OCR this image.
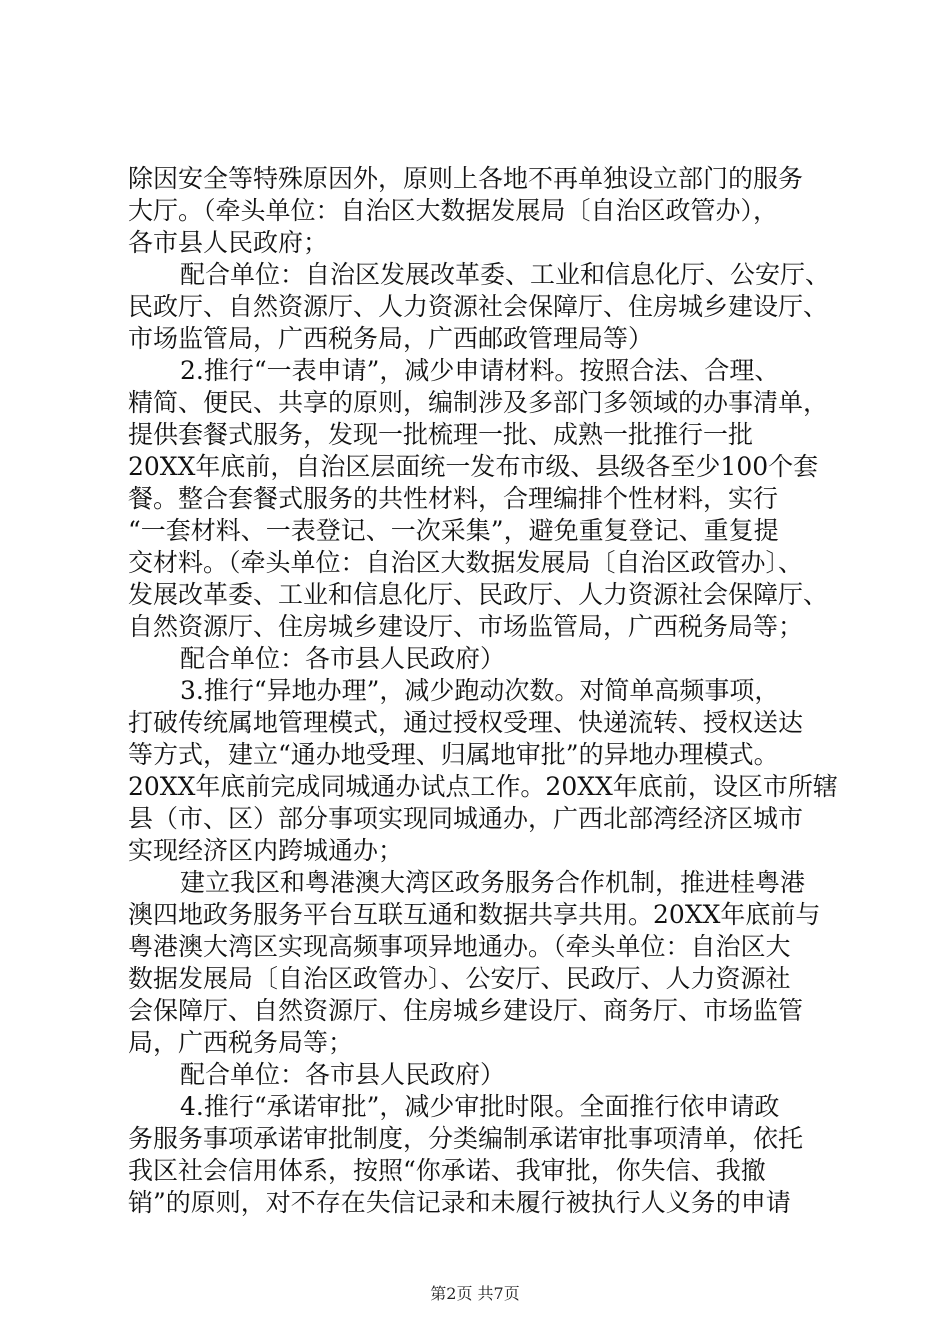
除因安全等特殊原因外，原则上各地不再单独设立部门的服务
大厅。（牵头单位：自治区大数据发展局〔自治区政管办），
各市县人民政府；
配合单位：自治区发展改革委、工业和信息化厅、公安厅、
民政厅、自然资源厅、人力资源社会保障厅、住房城乡建设厅、
市场监管局，广西税务局，广西邮政管理局等）
2.推行“一表申请”，减少申请材料。按照合法、合理、
精简、便民、共享的原则，编制涉及多部门多领域的办事清单，
提供套餐式服务，发现一批梳理一批、成熟一批推行一批
20XX年底前，自治区层面统一发布市级、县级各至少100个套
餐。整合套餐式服务的共性材料，合理编排个性材料，实行
“一套材料、一表登记、一次采集”，避免重复登记、重复提
交材料。（牵头单位：自治区大数据发展局〔自治区政管办〕、
发展改革委、工业和信息化厅、民政厅、人力资源社会保障厅、
自然资源厅、住房城乡建设厅、市场监管局，广西税务局等；
配合单位：各市县人民政府）
3.推行“异地办理”，减少跑动次数。对简单高频事项，
打破传统属地管理模式，通过授权受理、快递流转、授权送达
等方式，建立“通办地受理、归属地审批”的异地办理模式。
20XX年底前完成同城通办试点工作。20XX年底前，设区市所辖
县（市、区）部分事项实现同城通办，广西北部湾经济区城市
实现经济区内跨城通办；
建立我区和粤港澳大湾区政务服务合作机制，推进桂粤港
澳四地政务服务平台互联互通和数据共享共用。20XX年底前与
粤港澳大湾区实现高频事项异地通办。（牵头单位：自治区大
数据发展局〔自治区政管办〕、公安厅、民政厅、人力资源社
会保障厅、自然资源厅、住房城乡建设厅、商务厅、市场监管
局，广西税务局等；
配合单位：各市县人民政府）
4.推行“承诺审批”，减少审批时限。全面推行依申请政
务服务事项承诺审批制度，分类编制承诺审批事项清单，依托
我区社会信用体系，按照“你承诺、我审批，你失信、我撤
销”的原则，对不存在失信记录和未履行被执行人义务的申请
第2页 共7页
